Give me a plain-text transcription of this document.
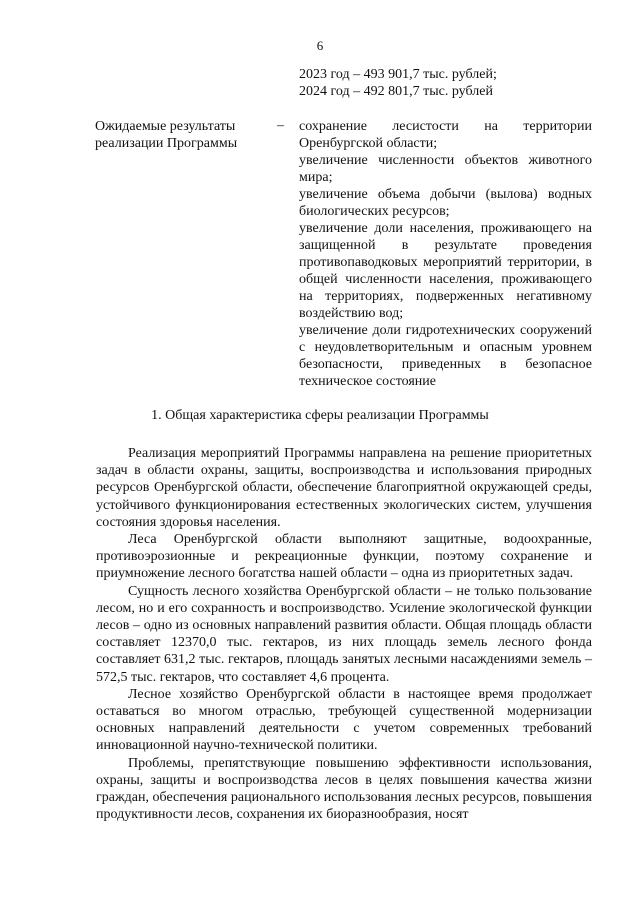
6
2023 год – 493 901,7 тыс. рублей;
2024 год – 492 801,7 тыс. рублей
Ожидаемые результаты реализации Программы
– сохранение лесистости на территории Оренбургской области;

увеличение численности объектов животного мира;

увеличение объема добычи (вылова) водных биологических ресурсов;

увеличение доли населения, проживающего на защищенной в результате проведения противопаводковых мероприятий территории, в общей численности населения, проживающего на территориях, подверженных негативному воздействию вод;

увеличение доли гидротехнических сооружений с неудовлетворительным и опасным уровнем безопасности, приведенных в безопасное техническое состояние

1. Общая характеристика сферы реализации Программы

Реализация мероприятий Программы направлена на решение приоритетных задач в области охраны, защиты, воспроизводства и использования природных ресурсов Оренбургской области, обеспечение благоприятной окружающей среды, устойчивого функционирования естественных экологических систем, улучшения состояния здоровья населения.

Леса Оренбургской области выполняют защитные, водоохранные, противоэрозионные и рекреационные функции, поэтому сохранение и приумножение лесного богатства нашей области – одна из приоритетных задач.

Сущность лесного хозяйства Оренбургской области – не только пользование лесом, но и его сохранность и воспроизводство. Усиление экологической функции лесов – одно из основных направлений развития области. Общая площадь области составляет 12370,0 тыс. гектаров, из них площадь земель лесного фонда составляет 631,2 тыс. гектаров, площадь занятых лесными насаждениями земель – 572,5 тыс. гектаров, что составляет 4,6 процента.

Лесное хозяйство Оренбургской области в настоящее время продолжает оставаться во многом отраслью, требующей существенной модернизации основных направлений деятельности с учетом современных требований инновационной научно-технической политики.

Проблемы, препятствующие повышению эффективности использования, охраны, защиты и воспроизводства лесов в целях повышения качества жизни граждан, обеспечения рационального использования лесных ресурсов, повышения продуктивности лесов, сохранения их биоразнообразия, носят
